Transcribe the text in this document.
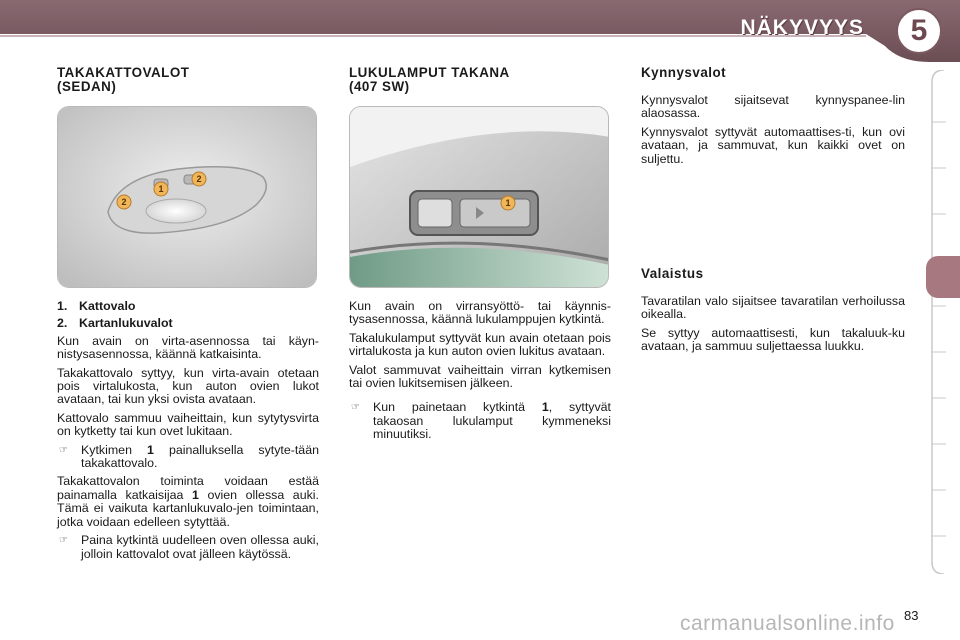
NÄKYVYYS	5
TAKAKATTOVALOT
(SEDAN)
2
1
2
1. Kattovalo
2. Kartanlukuvalot

Kun avain on virta-asennossa tai käyn-nistysasennossa, käännä katkaisinta.

Takakattovalo syttyy, kun virta-avain otetaan pois virtalukosta, kun auton ovien lukot avataan, tai kun yksi ovista avataan.

Kattovalo sammuu vaiheittain, kun sytytysvirta on kytketty tai kun ovet lukitaan.

☞ Kytkimen 1 painalluksella sytyte-tään takakattovalo.

Takakattovalon toiminta voidaan estää painamalla katkaisijaa 1 ovien ollessa auki. Tämä ei vaikuta kartanlukuvalo-jen toimintaan, jotka voidaan edelleen sytyttää.

☞ Paina kytkintä uudelleen oven ollessa auki, jolloin kattovalot ovat jälleen käytössä.
LUKULAMPUT TAKANA
(407 SW)
1

Kun avain on virransyöttö- tai käynnis-tysasennossa, käännä lukulamppujen kytkintä.

Takalukulamput syttyvät kun avain otetaan pois virtalukosta ja kun auton ovien lukitus avataan.

Valot sammuvat vaiheittain virran kytkemisen tai ovien lukitsemisen jälkeen.

☞ Kun painetaan kytkintä 1, syttyvät takaosan lukulamput kymmeneksi minuutiksi.
Kynnysvalot

Kynnysvalot sijaitsevat kynnyspanee-lin alaosassa.

Kynnysvalot syttyvät automaattises-ti, kun ovi avataan, ja sammuvat, kun kaikki ovet on suljettu.

Valaistus

Tavaratilan valo sijaitsee tavaratilan verhoilussa oikealla.

Se syttyy automaattisesti, kun takaluuk-ku avataan, ja sammuu suljettaessa luukku.

carmanualsonline.info 83
